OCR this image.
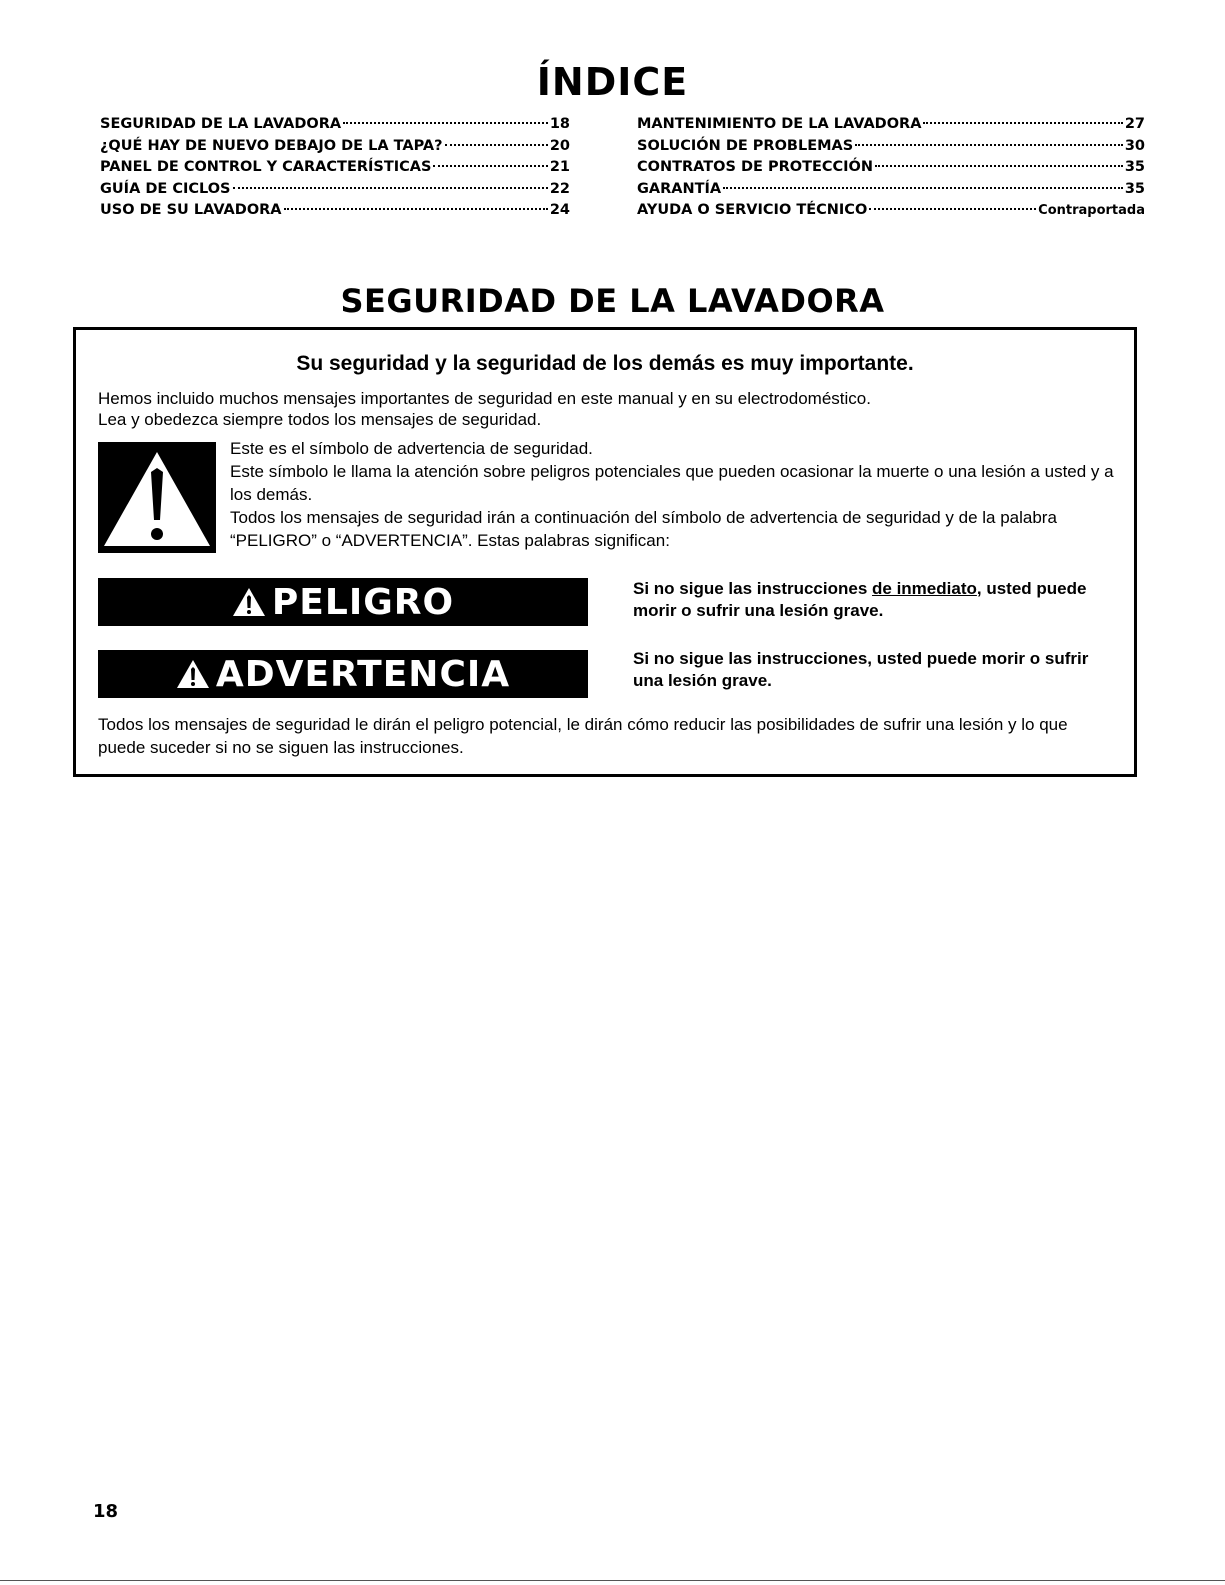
ÍNDICE
SEGURIDAD DE LA LAVADORA	18
¿QUÉ HAY DE NUEVO DEBAJO DE LA TAPA?	20
PANEL DE CONTROL Y CARACTERÍSTICAS	21
GUÍA DE CICLOS	22
USO DE SU LAVADORA	24
MANTENIMIENTO DE LA LAVADORA	27
SOLUCIÓN DE PROBLEMAS	30
CONTRATOS DE PROTECCIÓN	35
GARANTÍA	35
AYUDA O SERVICIO TÉCNICO	Contraportada
SEGURIDAD DE LA LAVADORA
Su seguridad y la seguridad de los demás es muy importante.
Hemos incluido muchos mensajes importantes de seguridad en este manual y en su electrodoméstico.
Lea y obedezca siempre todos los mensajes de seguridad.

Este es el símbolo de advertencia de seguridad.

Este símbolo le llama la atención sobre peligros potenciales que pueden ocasionar la muerte o una lesión a usted y a los demás.

Todos los mensajes de seguridad irán a continuación del símbolo de advertencia de seguridad y de la palabra “PELIGRO” o “ADVERTENCIA”. Estas palabras significan:

PELIGRO	Si no sigue las instrucciones de inmediato, usted puede morir o sufrir una lesión grave.
ADVERTENCIA	Si no sigue las instrucciones, usted puede morir o sufrir una lesión grave.
Todos los mensajes de seguridad le dirán el peligro potencial, le dirán cómo reducir las posibilidades de sufrir una lesión y lo que puede suceder si no se siguen las instrucciones.
18
